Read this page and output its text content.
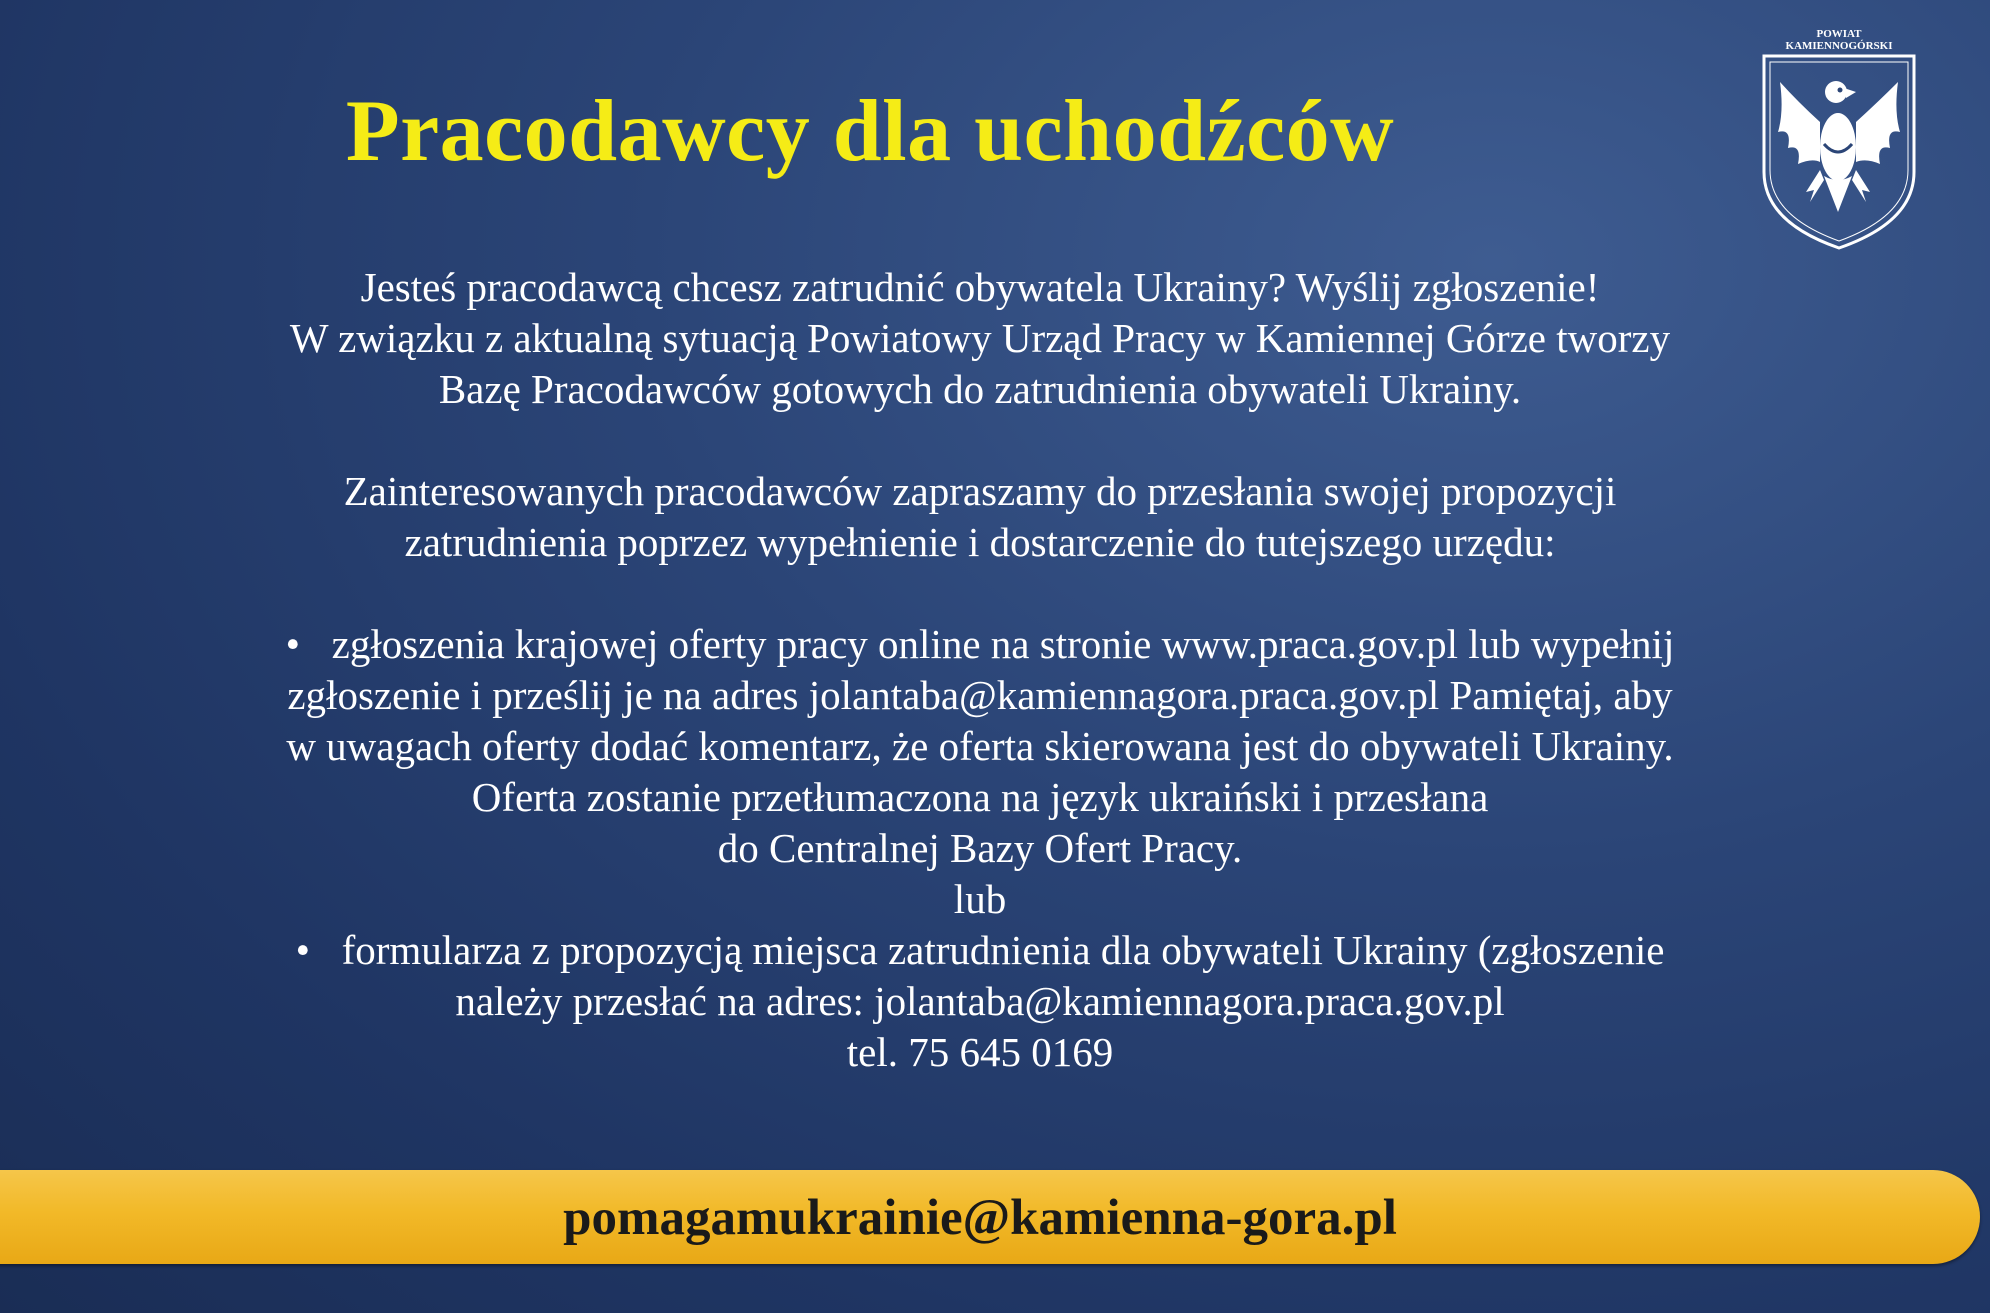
Pracodawcy dla uchodźców
POWIAT
KAMIENNOGÓRSKI

Jesteś pracodawcą chcesz zatrudnić obywatela Ukrainy? Wyślij zgłoszenie!

W związku z aktualną sytuacją Powiatowy Urząd Pracy w Kamiennej Górze tworzy

Bazę Pracodawców gotowych do zatrudnienia obywateli Ukrainy.

Zainteresowanych pracodawców zapraszamy do przesłania swojej propozycji

zatrudnienia poprzez wypełnienie i dostarczenie do tutejszego urzędu:

• zgłoszenia krajowej oferty pracy online na stronie www.praca.gov.pl lub wypełnij

zgłoszenie i prześlij je na adres jolantaba@kamiennagora.praca.gov.pl Pamiętaj, aby

w uwagach oferty dodać komentarz, że oferta skierowana jest do obywateli Ukrainy.

Oferta zostanie przetłumaczona na język ukraiński i przesłana

do Centralnej Bazy Ofert Pracy.

lub

• formularza z propozycją miejsca zatrudnienia dla obywateli Ukrainy (zgłoszenie

należy przesłać na adres: jolantaba@kamiennagora.praca.gov.pl

tel. 75 645 0169

pomagamukrainie@kamienna-gora.pl
